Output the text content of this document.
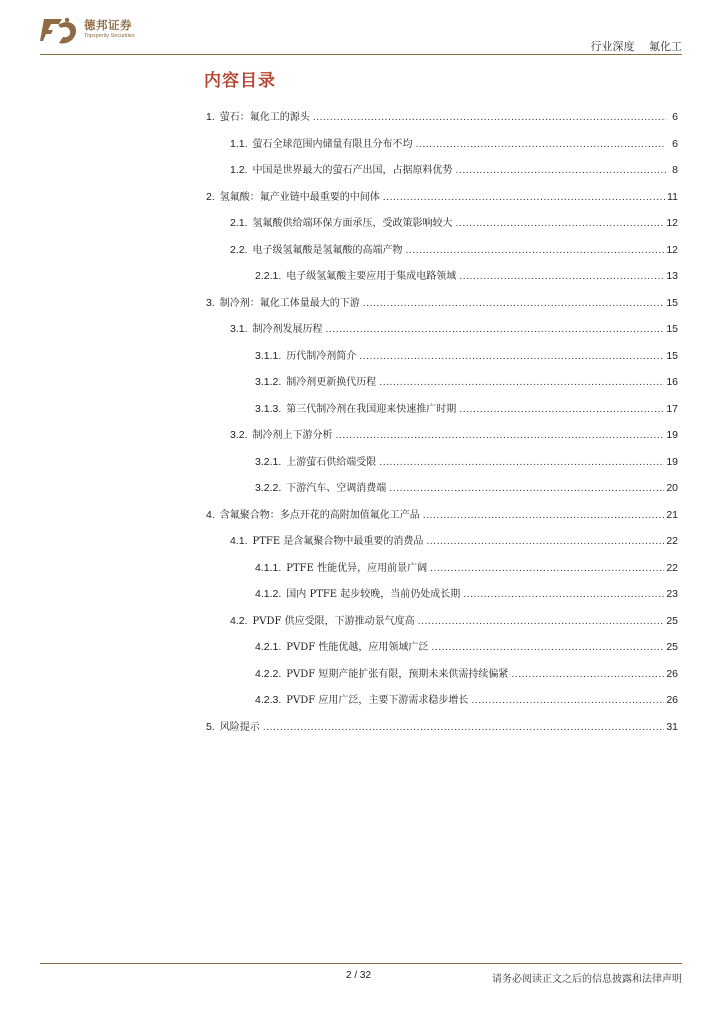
德邦证券
Topsperity Securities
行业深度 氟化工
内容目录
1. 萤石：氟化工的源头 .....	6
1.1. 萤石全球范围内储量有限且分布不均 .....	6
1.2. 中国是世界最大的萤石产出国，占据原料优势 .....	8
2. 氢氟酸：氟产业链中最重要的中间体 .....	11
2.1. 氢氟酸供给端环保方面承压，受政策影响较大 .....	12
2.2. 电子级氢氟酸是氢氟酸的高端产物 .....	12
2.2.1. 电子级氢氟酸主要应用于集成电路领域 .....	13
3. 制冷剂：氟化工体量最大的下游 .....	15
3.1. 制冷剂发展历程 .....	15
3.1.1. 历代制冷剂简介 .....	15
3.1.2. 制冷剂更新换代历程 .....	16
3.1.3. 第三代制冷剂在我国迎来快速推广时期 .....	17
3.2. 制冷剂上下游分析 .....	19
3.2.1. 上游萤石供给端受限 .....	19
3.2.2. 下游汽车、空调消费端 .....	20
4. 含氟聚合物：多点开花的高附加值氟化工产品 .....	21
4.1. PTFE 是含氟聚合物中最重要的消费品 .....	22
4.1.1. PTFE 性能优异，应用前景广阔 .....	22
4.1.2. 国内 PTFE 起步较晚，当前仍处成长期 .....	23
4.2. PVDF 供应受限，下游推动景气度高 .....	25
4.2.1. PVDF 性能优越，应用领域广泛 .....	25
4.2.2. PVDF 短期产能扩张有限，预期未来供需持续偏紧 .....	26
4.2.3. PVDF 应用广泛，主要下游需求稳步增长 .....	26
5. 风险提示 .....	31
2 / 32	请务必阅读正文之后的信息披露和法律声明
